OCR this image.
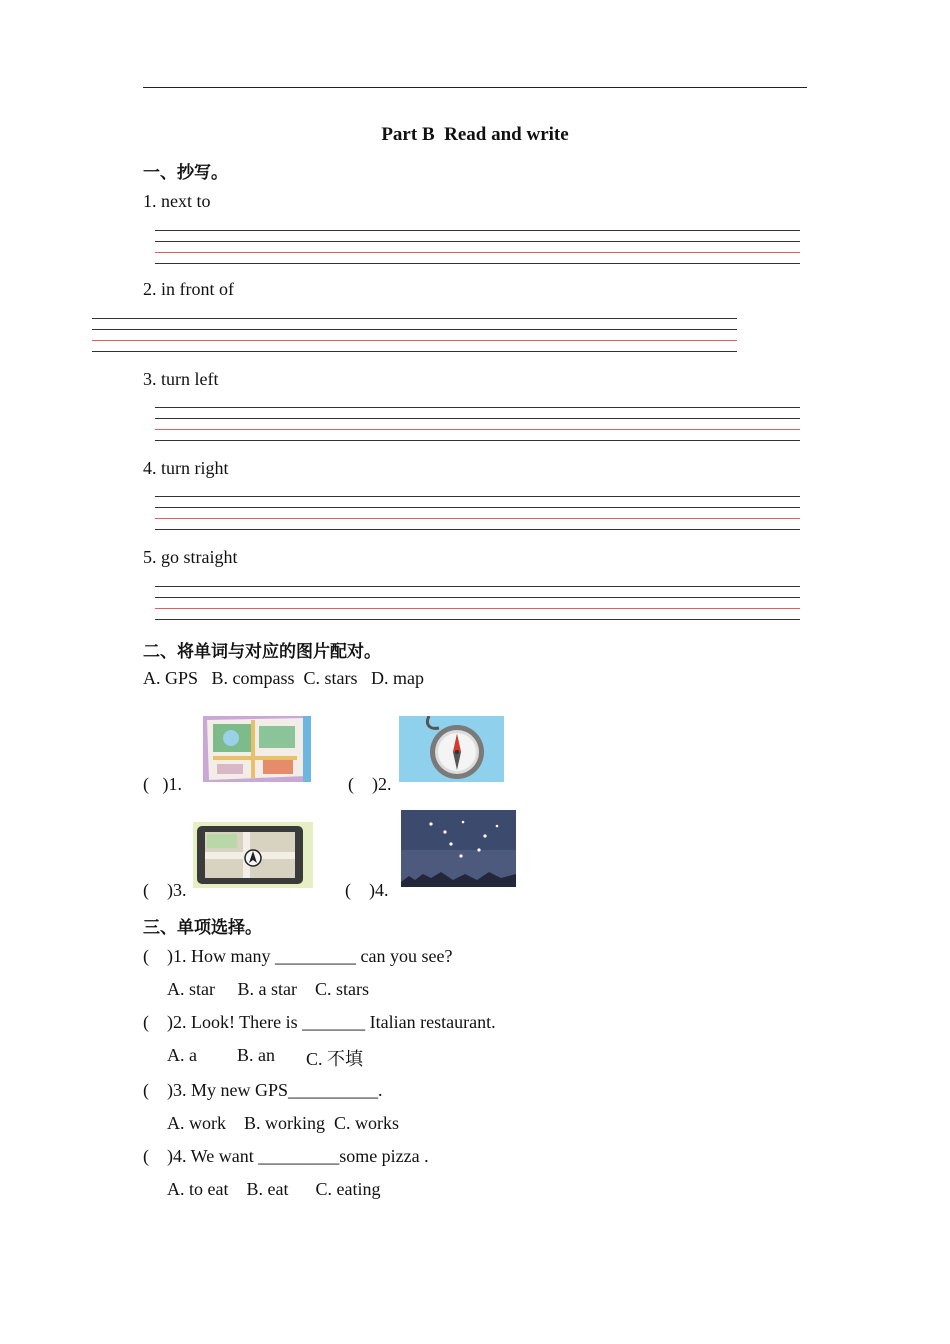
Part B  Read and write
一、抄写。
1. next to
2. in front of
3. turn left
4. turn right
5. go straight
二、将单词与对应的图片配对。
A. GPS   B. compass  C. stars   D. map
(   )1.	(    )2.
(    )3.	(    )4.
三、单项选择。
(    )1. How many _________ can you see?
A. star     B. a star    C. stars
(    )2. Look! There is _______ Italian restaurant.
A. a B. an C. 不填
(    )3. My new GPS__________.
A. work    B. working  C. works
(    )4. We want _________some pizza .
A. to eat    B. eat      C. eating
